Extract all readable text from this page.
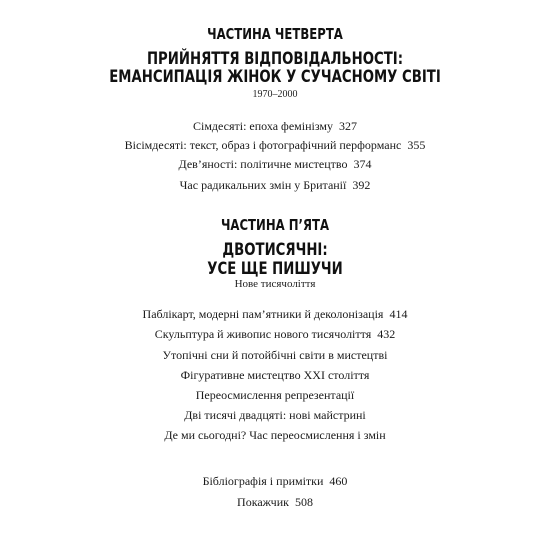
ЧАСТИНА ЧЕТВЕРТА
ПРИЙНЯТТЯ ВІДПОВІДАЛЬНОСТІ:
ЕМАНСИПАЦІЯ ЖІНОК У СУЧАСНОМУ СВІТІ
1970–2000
Сімдесяті: епоха фемінізму 327
Вісімдесяті: текст, образ і фотографічний перформанс 355
Дев’яності: політичне мистецтво 374
Час радикальних змін у Британії 392
ЧАСТИНА П’ЯТА
ДВОТИСЯЧНІ:
УСЕ ЩЕ ПИШУЧИ
Нове тисячоліття
Паблікарт, модерні пам’ятники й деколонізація 414
Скульптура й живопис нового тисячоліття 432
Утопічні сни й потойбічні світи в мистецтві
Фігуративне мистецтво XXI століття
Переосмислення репрезентації
Дві тисячі двадцяті: нові майстрині
Де ми сьогодні? Час переосмислення і змін
Бібліографія і примітки 460
Покажчик 508
